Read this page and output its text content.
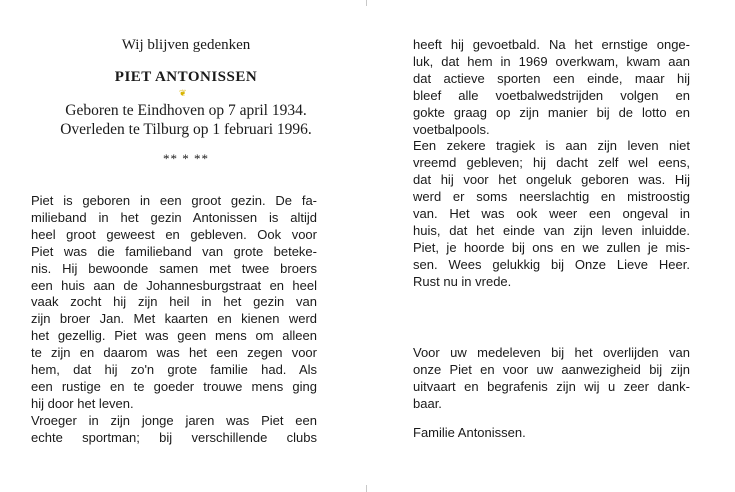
Wij blijven gedenken
PIET ANTONISSEN
❦
Geboren te Eindhoven op 7 april 1934.
Overleden te Tilburg op 1 februari 1996.
** * **
Piet is geboren in een groot gezin. De fa-
milieband in het gezin Antonissen is altijd
heel groot geweest en gebleven. Ook voor
Piet was die familieband van grote beteke-
nis. Hij bewoonde samen met twee broers
een huis aan de Johannesburgstraat en heel
vaak zocht hij zijn heil in het gezin van
zijn broer Jan. Met kaarten en kienen werd
het gezellig. Piet was geen mens om alleen
te zijn en daarom was het een zegen voor
hem, dat hij zo'n grote familie had. Als
een rustige en te goeder trouwe mens ging
hij door het leven.
Vroeger in zijn jonge jaren was Piet een
echte sportman; bij verschillende clubs
heeft hij gevoetbald. Na het ernstige onge-
luk, dat hem in 1969 overkwam, kwam aan
dat actieve sporten een einde, maar hij
bleef alle voetbalwedstrijden volgen en
gokte graag op zijn manier bij de lotto en
voetbalpools.
Een zekere tragiek is aan zijn leven niet
vreemd gebleven; hij dacht zelf wel eens,
dat hij voor het ongeluk geboren was. Hij
werd er soms neerslachtig en mistroostig
van. Het was ook weer een ongeval in
huis, dat het einde van zijn leven inluidde.
Piet, je hoorde bij ons en we zullen je mis-
sen. Wees gelukkig bij Onze Lieve Heer.
Rust nu in vrede.
Voor uw medeleven bij het overlijden van
onze Piet en voor uw aanwezigheid bij zijn
uitvaart en begrafenis zijn wij u zeer dank-
baar.
Familie Antonissen.
